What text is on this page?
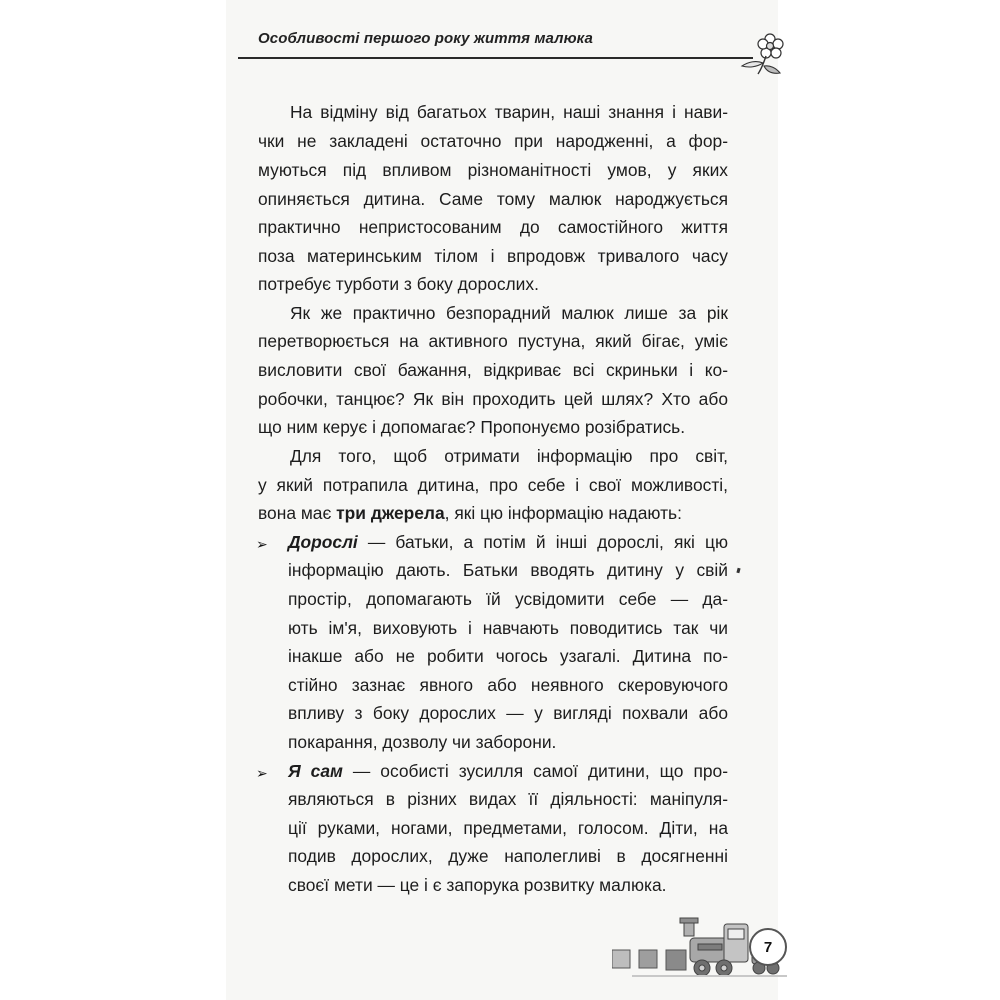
Особливості першого року життя малюка
На відміну від багатьох тварин, наші знання і нави-
чки не закладені остаточно при народженні, а фор-
муються під впливом різноманітності умов, у яких
опиняється дитина. Саме тому малюк народжується
практично непристосованим до самостійного життя
поза материнським тілом і впродовж тривалого часу
потребує турботи з боку дорослих.
Як же практично безпорадний малюк лише за рік
перетворюється на активного пустуна, який бігає, уміє
висловити свої бажання, відкриває всі скриньки і ко-
робочки, танцює? Як він проходить цей шлях? Хто або
що ним керує і допомагає? Пропонуємо розібратись.
Для того, щоб отримати інформацію про світ,
у який потрапила дитина, про себе і свої можливості,
вона має три джерела, які цю інформацію надають:
➢ Дорослі — батьки, а потім й інші дорослі, які цю
інформацію дають. Батьки вводять дитину у свій
простір, допомагають їй усвідомити себе — да-
ють ім'я, виховують і навчають поводитись так чи
інакше або не робити чогось узагалі. Дитина по-
стійно зазнає явного або неявного скеровуючого
впливу з боку дорослих — у вигляді похвали або
покарання, дозволу чи заборони.
➢ Я сам — особисті зусилля самої дитини, що про-
являються в різних видах її діяльності: маніпуля-
ції руками, ногами, предметами, голосом. Діти, на
подив дорослих, дуже наполегливі в досягненні
своєї мети — це і є запорука розвитку малюка.
7
